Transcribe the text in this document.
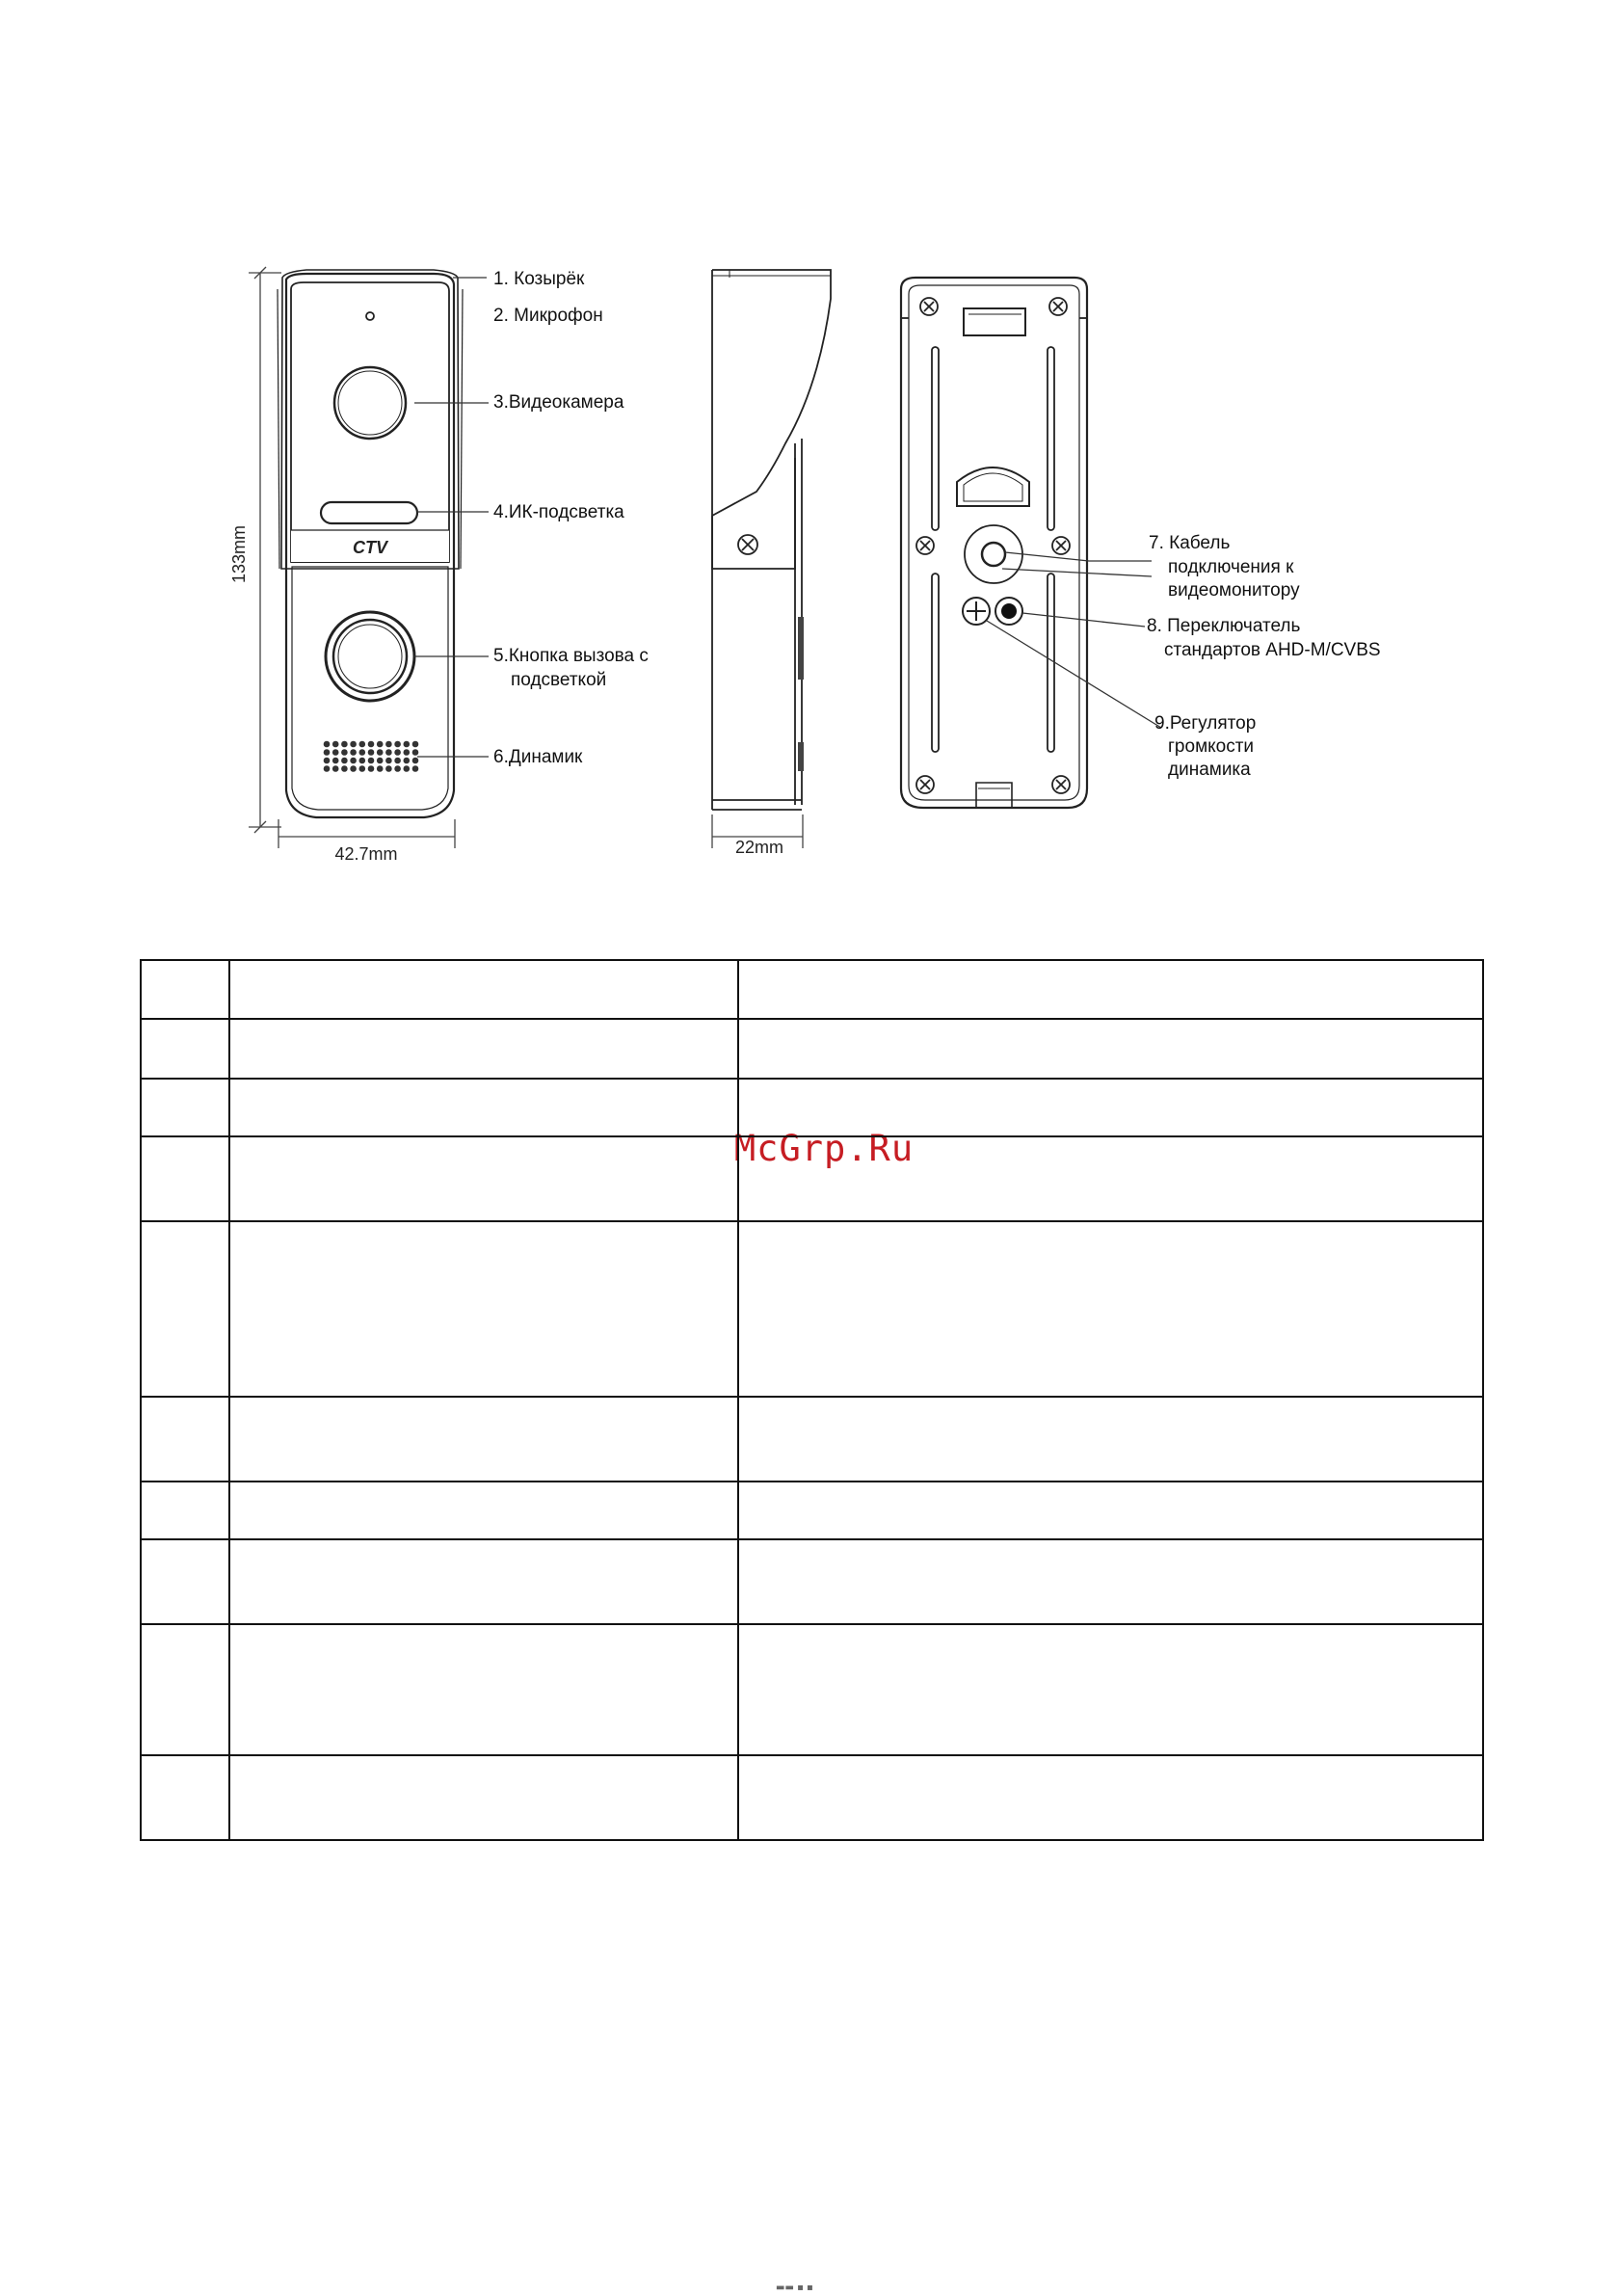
CTV
133mm
42.7mm
1. Козырёк
2. Микрофон
3.Видеокамера
4.ИК-подсветка
5.Кнопка вызова с
подсветкой
6.Динамик
22mm
7. Кабель
подключения к
видеомонитору
8. Переключатель
стандартов AHD-M/CVBS
9.Регулятор
громкости
динамика
McGrp.Ru

▬▬ ▪ ▪
